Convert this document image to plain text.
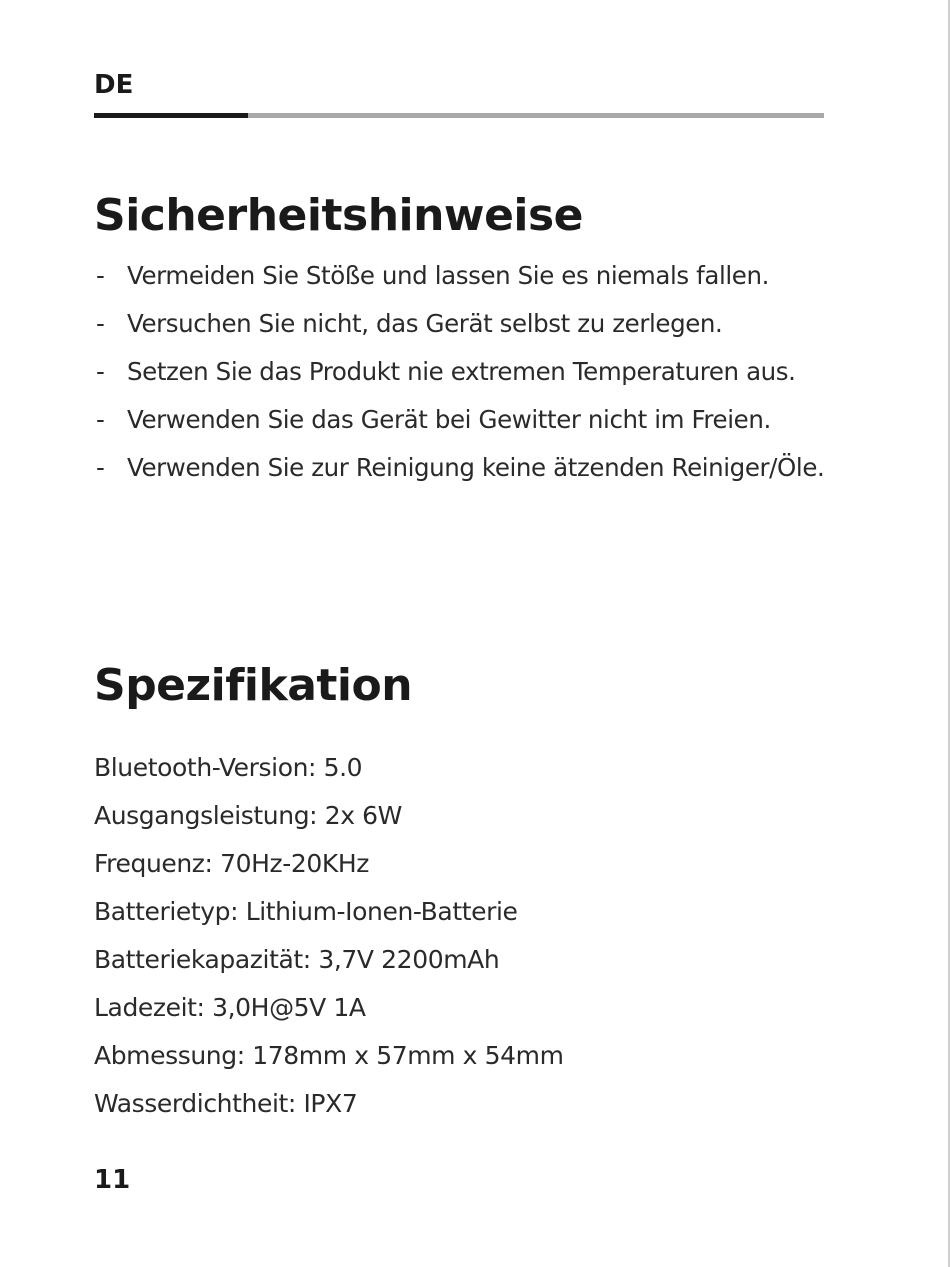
DE
Sicherheitshinweise
- Vermeiden Sie Stöße und lassen Sie es niemals fallen.
- Versuchen Sie nicht, das Gerät selbst zu zerlegen.
- Setzen Sie das Produkt nie extremen Temperaturen aus.
- Verwenden Sie das Gerät bei Gewitter nicht im Freien.
- Verwenden Sie zur Reinigung keine ätzenden Reiniger/Öle.
Spezifikation
Bluetooth-Version: 5.0
Ausgangsleistung: 2x 6W
Frequenz: 70Hz-20KHz
Batterietyp: Lithium-Ionen-Batterie
Batteriekapazität: 3,7V 2200mAh
Ladezeit: 3,0H@5V 1A
Abmessung: 178mm x 57mm x 54mm
Wasserdichtheit: IPX7
11
